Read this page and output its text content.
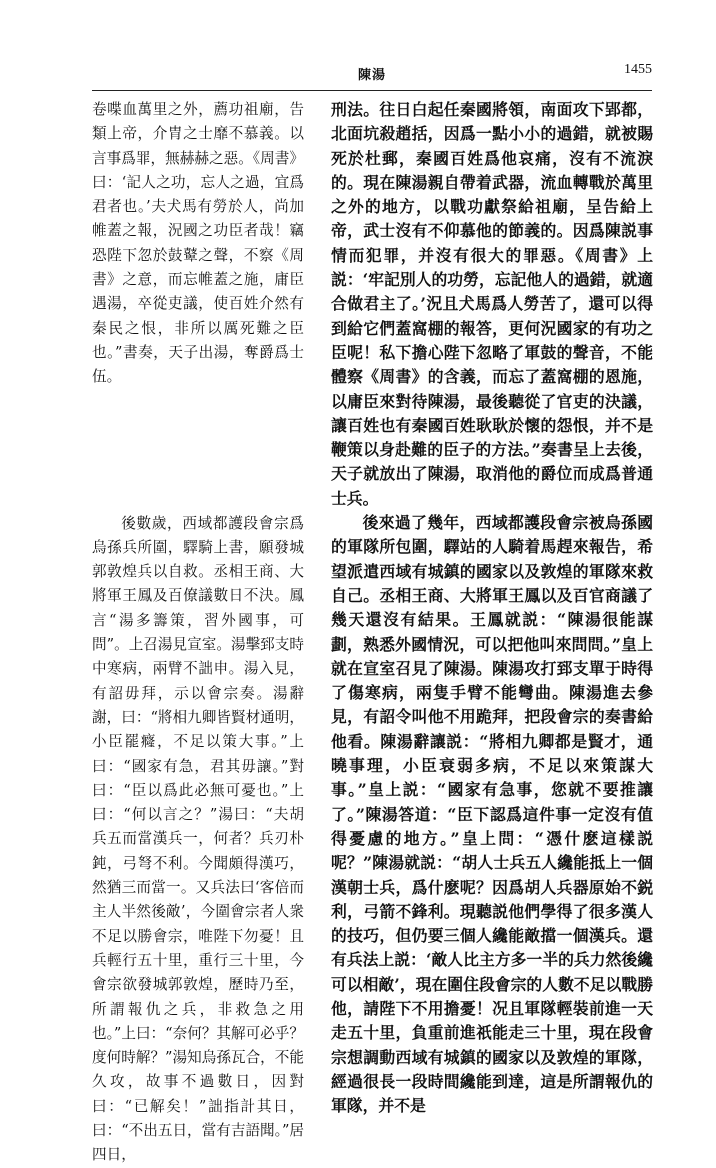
陳湯	1455

卷喋血萬里之外，薦功祖廟，告類上帝，介胄之士靡不慕義。以言事爲罪，無赫赫之惡。《周書》曰：‘記人之功，忘人之過，宜爲君者也。’夫犬馬有勞於人，尚加帷蓋之報，況國之功臣者哉！竊恐陛下忽於鼓鼙之聲，不察《周書》之意，而忘帷蓋之施，庸臣遇湯，卒從吏議，使百姓介然有秦民之恨，非所以厲死難之臣也。”書奏，天子出湯，奪爵爲士伍。

後數歲，西域都護段會宗爲烏孫兵所圍，驛騎上書，願發城郭敦煌兵以自救。丞相王商、大將軍王鳳及百僚議數日不決。鳳言“湯多籌策，習外國事，可問”。上召湯見宣室。湯擊郅支時中寒病，兩臂不詘申。湯入見，有詔毋拜，示以會宗奏。湯辭謝，曰：“將相九卿皆賢材通明，小臣罷癃，不足以策大事。”上曰：“國家有急，君其毋讓。”對曰：“臣以爲此必無可憂也。”上曰：“何以言之？”湯曰：“夫胡兵五而當漢兵一，何者？兵刃朴鈍，弓弩不利。今聞頗得漢巧，然猶三而當一。又兵法曰‘客倍而主人半然後敵’，今圍會宗者人衆不足以勝會宗，唯陛下勿憂！且兵輕行五十里，重行三十里，今會宗欲發城郭敦煌，歷時乃至，所謂報仇之兵，非救急之用也。”上曰：“奈何？其解可必乎？度何時解？”湯知烏孫瓦合，不能久攻，故事不過數日，因對曰：“已解矣！”詘指計其日，曰：“不出五日，當有吉語聞。”居四日，

刑法。往日白起任秦國將領，南面攻下郢都，北面坑殺趙括，因爲一點小小的過錯，就被賜死於杜郵，秦國百姓爲他哀痛，沒有不流淚的。現在陳湯親自帶着武器，流血轉戰於萬里之外的地方，以戰功獻祭給祖廟，呈告給上帝，武士沒有不仰慕他的節義的。因爲陳説事情而犯罪，并沒有很大的罪惡。《周書》上説：‘牢記別人的功勞，忘記他人的過錯，就適合做君主了。’況且犬馬爲人勞苦了，還可以得到給它們蓋窩棚的報答，更何況國家的有功之臣呢！私下擔心陛下忽略了軍鼓的聲音，不能體察《周書》的含義，而忘了蓋窩棚的恩施，以庸臣來對待陳湯，最後聽從了官吏的決議，讓百姓也有秦國百姓耿耿於懷的怨恨，并不是鞭策以身赴難的臣子的方法。”奏書呈上去後，天子就放出了陳湯，取消他的爵位而成爲普通士兵。

後來過了幾年，西域都護段會宗被烏孫國的軍隊所包圍，驛站的人騎着馬趕來報告，希望派遣西域有城鎮的國家以及敦煌的軍隊來救自己。丞相王商、大將軍王鳳以及百官商議了幾天還沒有結果。王鳳就説：“陳湯很能謀劃，熟悉外國情況，可以把他叫來問問。”皇上就在宣室召見了陳湯。陳湯攻打郅支單于時得了傷寒病，兩隻手臂不能彎曲。陳湯進去參見，有詔令叫他不用跪拜，把段會宗的奏書給他看。陳湯辭讓説：“將相九卿都是賢才，通曉事理，小臣衰弱多病，不足以來策謀大事。”皇上説：“國家有急事，您就不要推讓了。”陳湯答道：“臣下認爲這件事一定沒有值得憂慮的地方。”皇上問：“憑什麽這樣説呢？”陳湯就説：“胡人士兵五人纔能抵上一個漢朝士兵，爲什麽呢？因爲胡人兵器原始不鋭利，弓箭不鋒利。現聽説他們學得了很多漢人的技巧，但仍要三個人纔能敵擋一個漢兵。還有兵法上説：‘敵人比主方多一半的兵力然後纔可以相敵’，現在圍住段會宗的人數不足以戰勝他，請陛下不用擔憂！况且軍隊輕裝前進一天走五十里，負重前進祇能走三十里，現在段會宗想調動西域有城鎮的國家以及敦煌的軍隊，經過很長一段時間纔能到達，這是所謂報仇的軍隊，并不是
